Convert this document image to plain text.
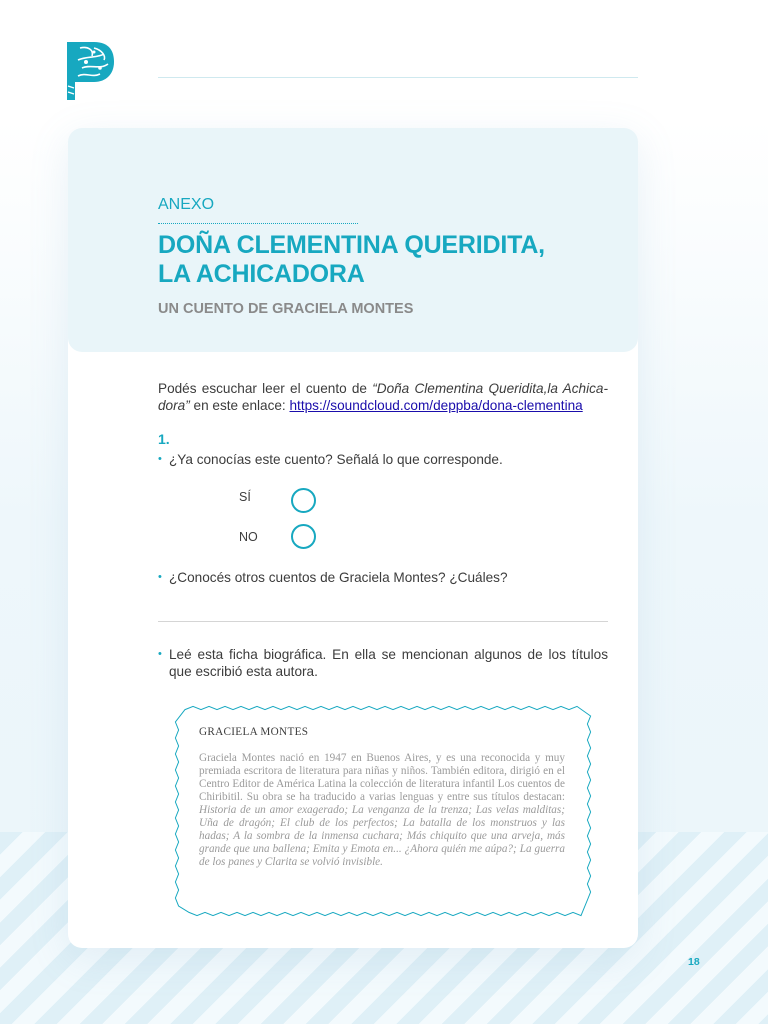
ANEXO

DOÑA CLEMENTINA QUERIDITA,
LA ACHICADORA

UN CUENTO DE GRACIELA MONTES

Podés escuchar leer el cuento de “Doña Clementina Queridita,la Achica-dora” en este enlace: https://soundcloud.com/deppba/dona-clementina

1.

• ¿Ya conocías este cuento? Señalá lo que corresponde.

SÍ

NO

• ¿Conocés otros cuentos de Graciela Montes? ¿Cuáles?
• Leé esta ficha biográfica. En ella se mencionan algunos de los títulos que escribió esta autora.

GRACIELA MONTES

Graciela Montes nació en 1947 en Buenos Aires, y es una reconocida y muy premiada escritora de literatura para niñas y niños. También editora, dirigió en el Centro Editor de América Latina la colección de literatura infantil Los cuentos de Chiribitil. Su obra se ha traducido a varias lenguas y entre sus títulos destacan: Historia de un amor exagerado; La venganza de la trenza; Las velas malditas; Uña de dragón; El club de los perfectos; La batalla de los monstruos y las hadas; A la sombra de la inmensa cuchara; Más chiquito que una arveja, más grande que una ballena; Emita y Emota en... ¿Ahora quién me aúpa?; La guerra de los panes y Clarita se volvió invisible.

18
